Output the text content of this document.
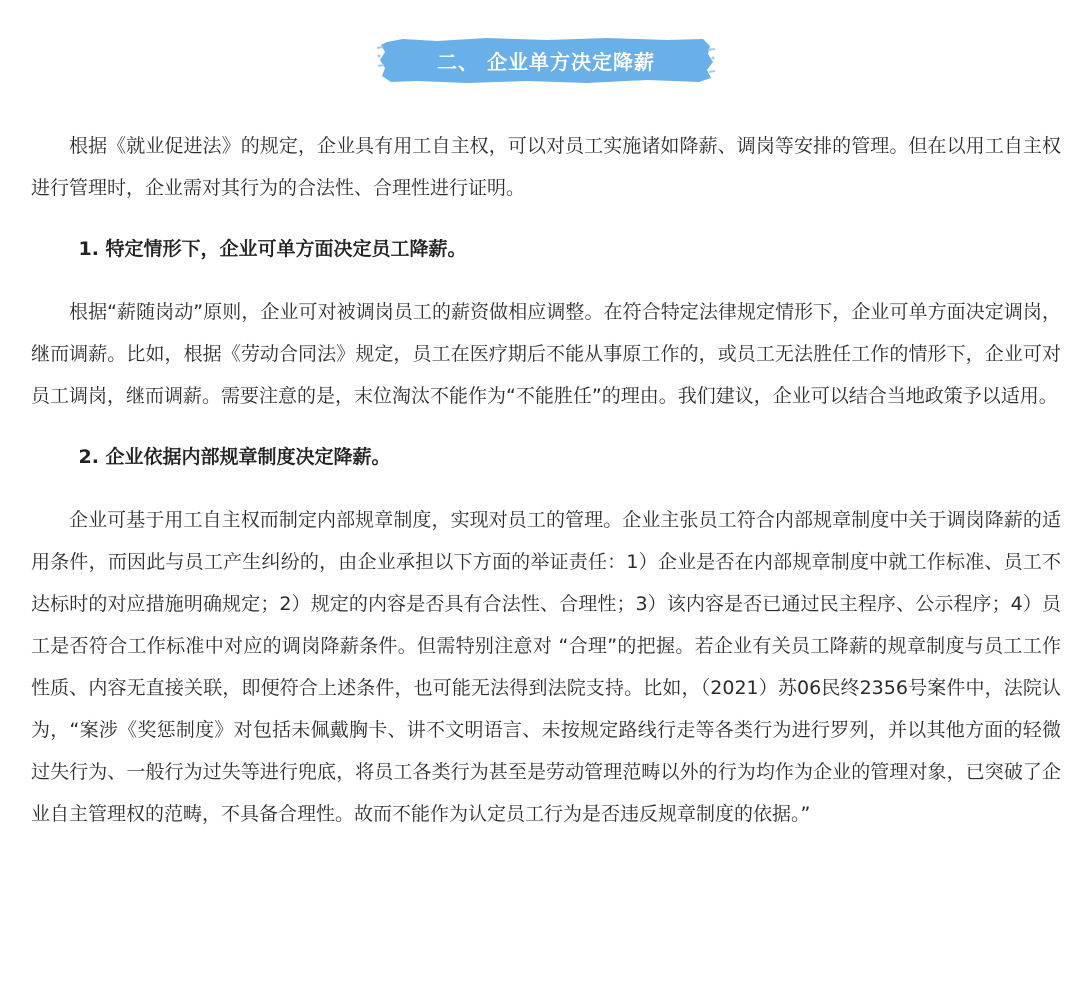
二、 企业单方决定降薪

根据《就业促进法》的规定，企业具有用工自主权，可以对员工实施诸如降薪、调岗等安排的管理。但在以用工自主权进行管理时，企业需对其行为的合法性、合理性进行证明。

1. 特定情形下，企业可单方面决定员工降薪。

根据“薪随岗动”原则，企业可对被调岗员工的薪资做相应调整。在符合特定法律规定情形下，企业可单方面决定调岗，继而调薪。比如，根据《劳动合同法》规定，员工在医疗期后不能从事原工作的，或员工无法胜任工作的情形下，企业可对员工调岗，继而调薪。需要注意的是，末位淘汰不能作为“不能胜任”的理由。我们建议，企业可以结合当地政策予以适用。

2. 企业依据内部规章制度决定降薪。

企业可基于用工自主权而制定内部规章制度，实现对员工的管理。企业主张员工符合内部规章制度中关于调岗降薪的适用条件，而因此与员工产生纠纷的，由企业承担以下方面的举证责任：1）企业是否在内部规章制度中就工作标准、员工不达标时的对应措施明确规定；2）规定的内容是否具有合法性、合理性；3）该内容是否已通过民主程序、公示程序；4）员工是否符合工作标准中对应的调岗降薪条件。但需特别注意对 “合理”的把握。若企业有关员工降薪的规章制度与员工工作性质、内容无直接关联，即便符合上述条件，也可能无法得到法院支持。比如，（2021）苏06民终2356号案件中，法院认为，“案涉《奖惩制度》对包括未佩戴胸卡、讲不文明语言、未按规定路线行走等各类行为进行罗列，并以其他方面的轻微过失行为、一般行为过失等进行兜底，将员工各类行为甚至是劳动管理范畴以外的行为均作为企业的管理对象，已突破了企业自主管理权的范畴，不具备合理性。故而不能作为认定员工行为是否违反规章制度的依据。”
